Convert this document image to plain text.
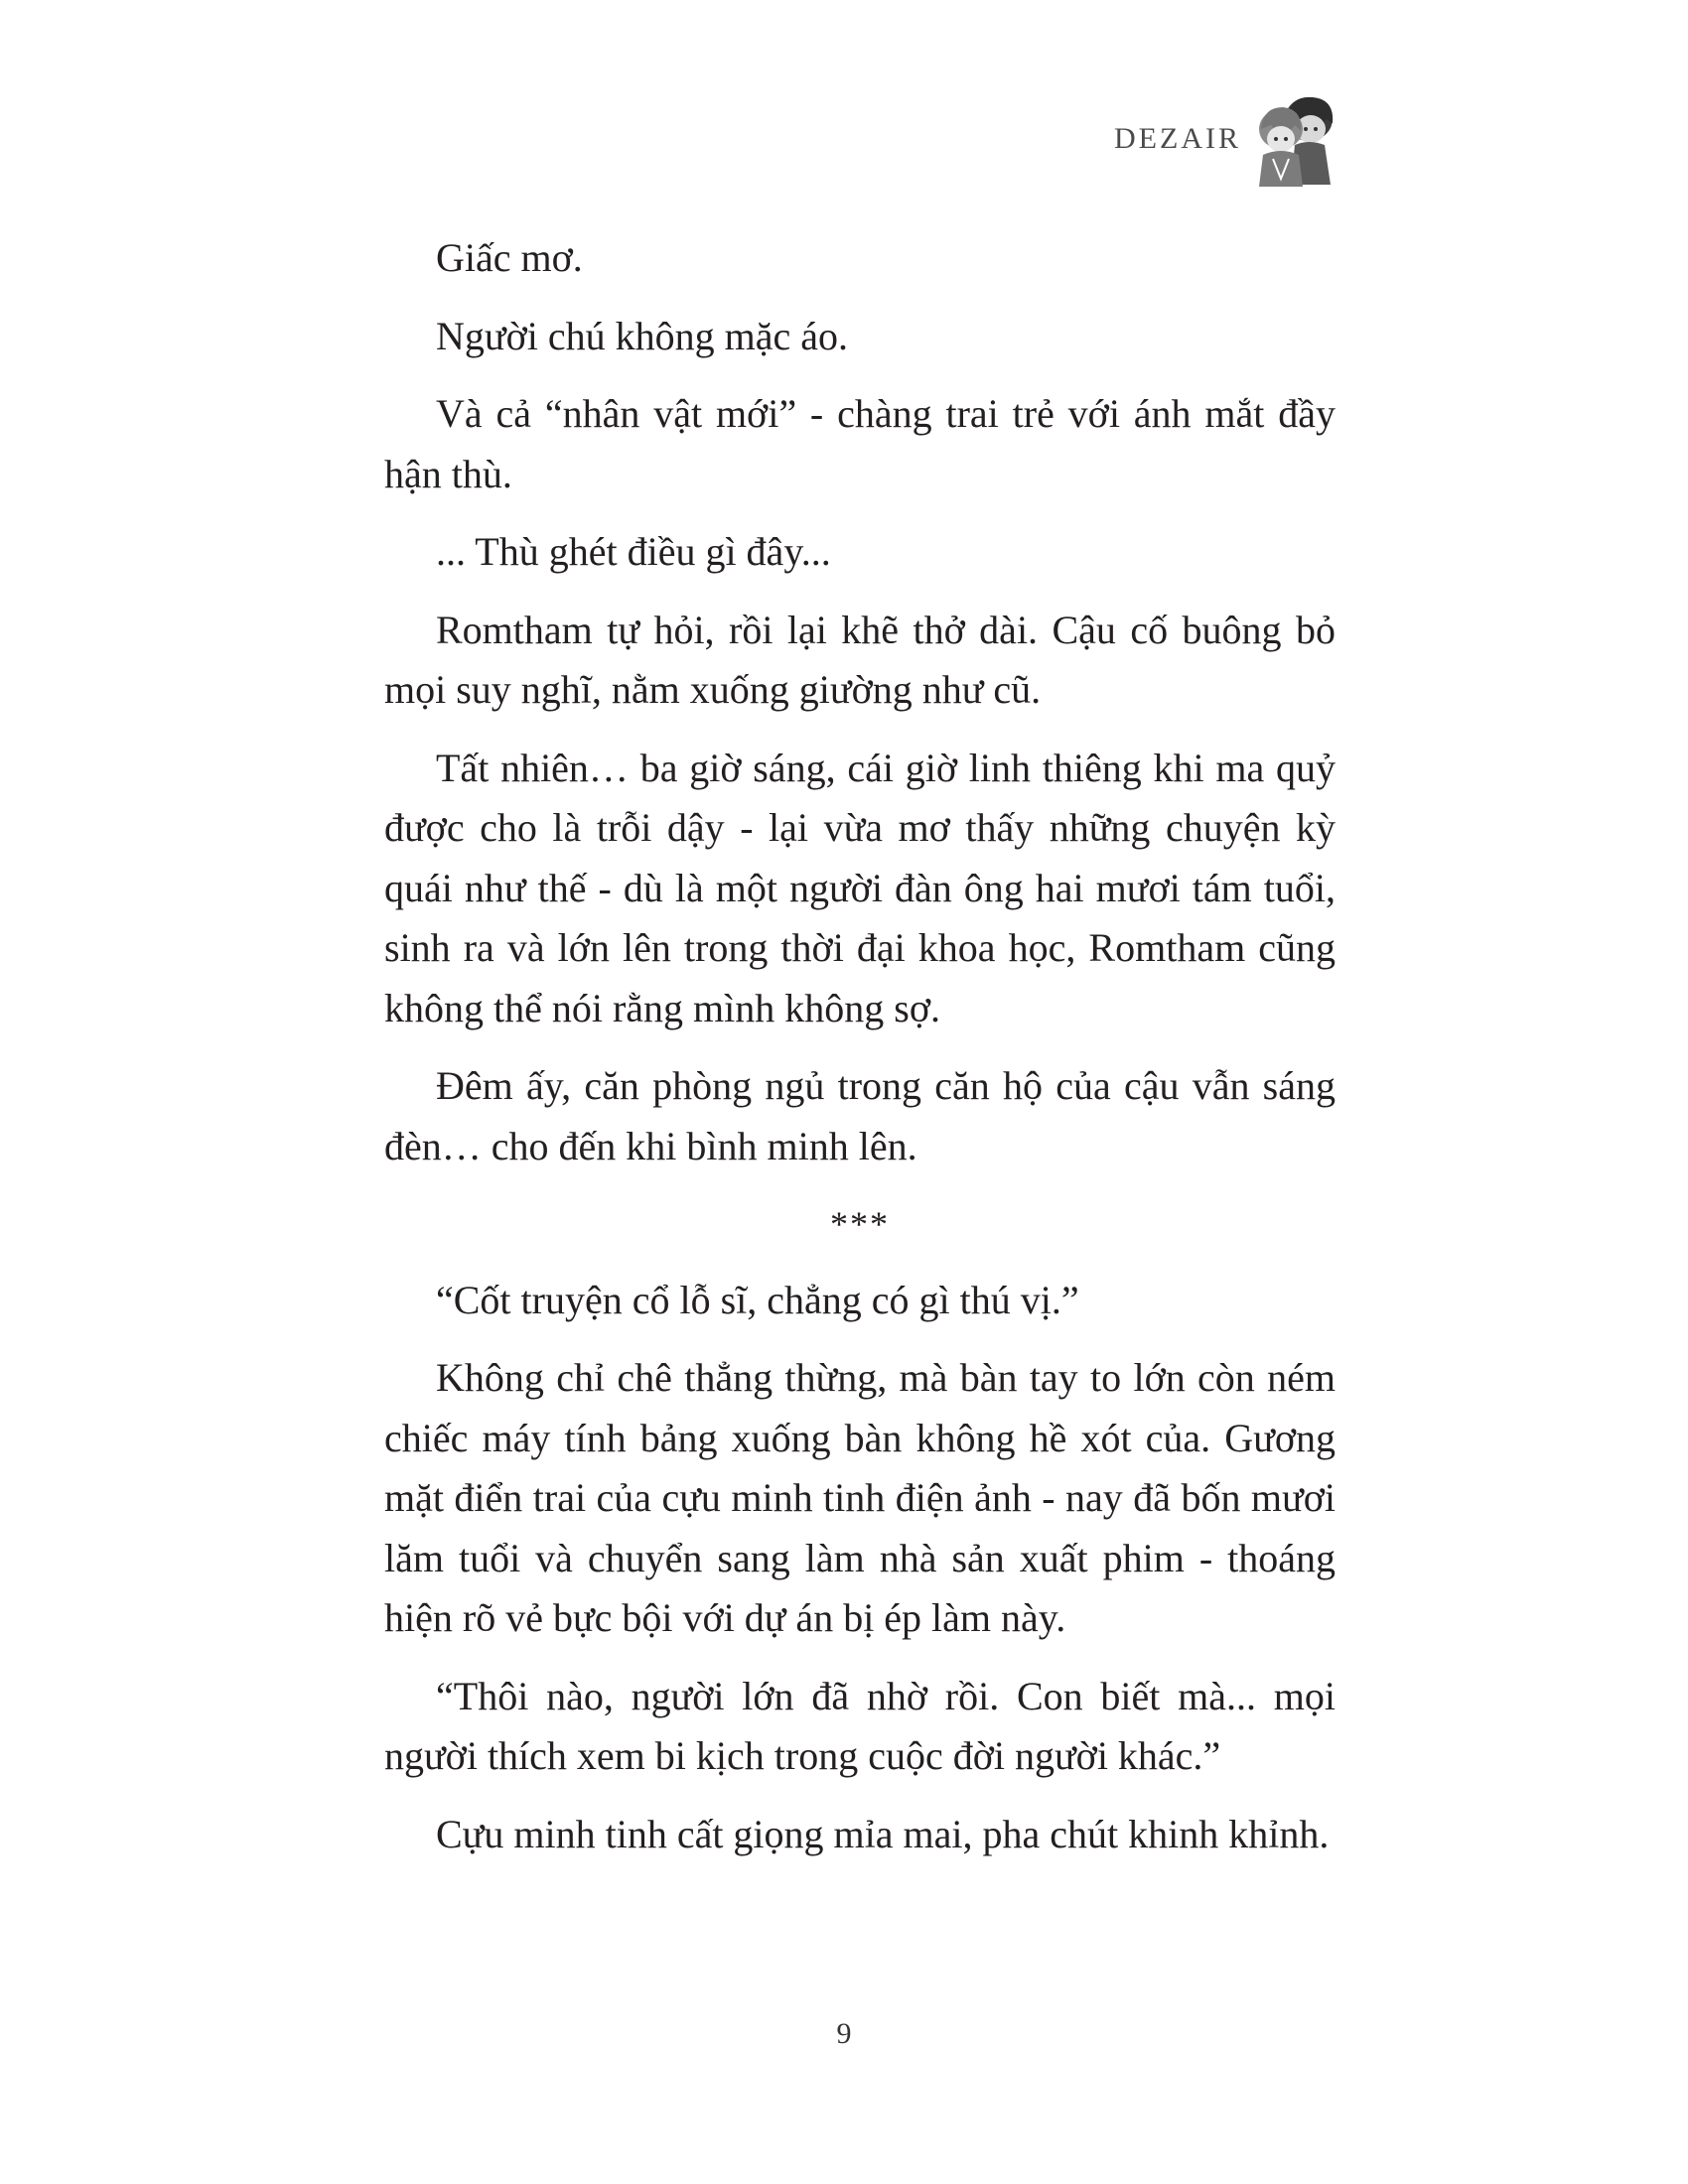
DEZAIR

Giấc mơ.

Người chú không mặc áo.

Và cả “nhân vật mới” - chàng trai trẻ với ánh mắt đầy hận thù.

... Thù ghét điều gì đây...

Romtham tự hỏi, rồi lại khẽ thở dài. Cậu cố buông bỏ mọi suy nghĩ, nằm xuống giường như cũ.

Tất nhiên… ba giờ sáng, cái giờ linh thiêng khi ma quỷ được cho là trỗi dậy - lại vừa mơ thấy những chuyện kỳ quái như thế - dù là một người đàn ông hai mươi tám tuổi, sinh ra và lớn lên trong thời đại khoa học, Romtham cũng không thể nói rằng mình không sợ.

Đêm ấy, căn phòng ngủ trong căn hộ của cậu vẫn sáng đèn… cho đến khi bình minh lên.

***

“Cốt truyện cổ lỗ sĩ, chẳng có gì thú vị.”

Không chỉ chê thẳng thừng, mà bàn tay to lớn còn ném chiếc máy tính bảng xuống bàn không hề xót của. Gương mặt điển trai của cựu minh tinh điện ảnh - nay đã bốn mươi lăm tuổi và chuyển sang làm nhà sản xuất phim - thoáng hiện rõ vẻ bực bội với dự án bị ép làm này.

“Thôi nào, người lớn đã nhờ rồi. Con biết mà... mọi người thích xem bi kịch trong cuộc đời người khác.”

Cựu minh tinh cất giọng mỉa mai, pha chút khinh khỉnh.

9
